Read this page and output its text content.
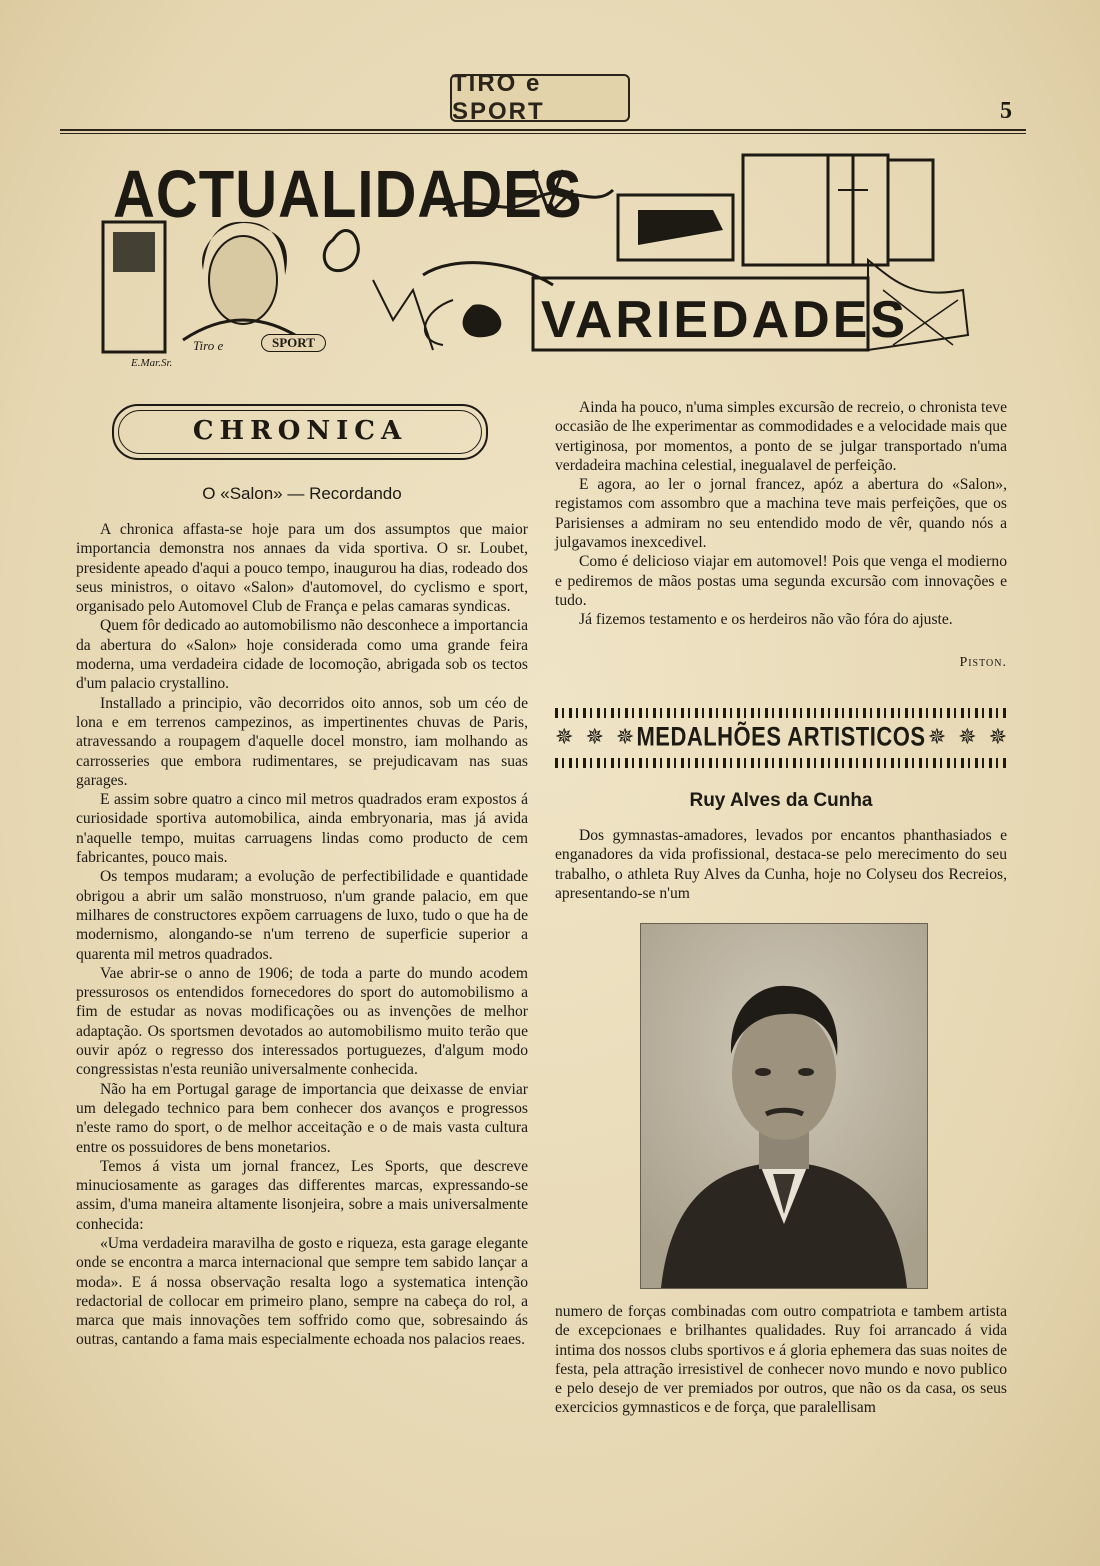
TIRO e SPORT	5
ACTUALIDADES
VARIEDADES
Tiro e	SPORT
E.Mar.Sr.
CHRONICA
O «Salon» — Recordando

A chronica affasta-se hoje para um dos assumptos que maior importancia demonstra nos annaes da vida sportiva. O sr. Loubet, presidente apeado d'aqui a pouco tempo, inaugurou ha dias, rodeado dos seus ministros, o oitavo «Salon» d'automovel, do cyclismo e sport, organisado pelo Automovel Club de França e pelas camaras syndicas.

Quem fôr dedicado ao automobilismo não desconhece a importancia da abertura do «Salon» hoje considerada como uma grande feira moderna, uma verdadeira cidade de locomoção, abrigada sob os tectos d'um palacio crystallino.

Installado a principio, vão decorridos oito annos, sob um céo de lona e em terrenos campezinos, as impertinentes chuvas de Paris, atravessando a roupagem d'aquelle docel monstro, iam molhando as carrosseries que embora rudimentares, se prejudicavam nas suas garages.

E assim sobre quatro a cinco mil metros quadrados eram expostos á curiosidade sportiva automobilica, ainda embryonaria, mas já avida n'aquelle tempo, muitas carruagens lindas como producto de cem fabricantes, pouco mais.

Os tempos mudaram; a evolução de perfectibilidade e quantidade obrigou a abrir um salão monstruoso, n'um grande palacio, em que milhares de constructores expõem carruagens de luxo, tudo o que ha de modernismo, alongando-se n'um terreno de superficie superior a quarenta mil metros quadrados.

Vae abrir-se o anno de 1906; de toda a parte do mundo acodem pressurosos os entendidos fornecedores do sport do automobilismo a fim de estudar as novas modificações ou as invenções de melhor adaptação. Os sportsmen devotados ao automobilismo muito terão que ouvir apóz o regresso dos interessados portuguezes, d'algum modo congressistas n'esta reunião universalmente conhecida.

Não ha em Portugal garage de importancia que deixasse de enviar um delegado technico para bem conhecer dos avanços e progressos n'este ramo do sport, o de melhor acceitação e o de mais vasta cultura entre os possuidores de bens monetarios.

Temos á vista um jornal francez, Les Sports, que descreve minuciosamente as garages das differentes marcas, expressando-se assim, d'uma maneira altamente lisonjeira, sobre a mais universalmente conhecida:

«Uma verdadeira maravilha de gosto e riqueza, esta garage elegante onde se encontra a marca internacional que sempre tem sabido lançar a moda». E á nossa observação resalta logo a systematica intenção redactorial de collocar em primeiro plano, sempre na cabeça do rol, a marca que mais innovações tem soffrido como que, sobresaindo ás outras, cantando a fama mais especialmente echoada nos palacios reaes.

Ainda ha pouco, n'uma simples excursão de recreio, o chronista teve occasião de lhe experimentar as commodidades e a velocidade mais que vertiginosa, por momentos, a ponto de se julgar transportado n'uma verdadeira machina celestial, inegualavel de perfeição.

E agora, ao ler o jornal francez, apóz a abertura do «Salon», registamos com assombro que a machina teve mais perfeições, que os Parisienses a admiram no seu entendido modo de vêr, quando nós a julgavamos inexcedivel.

Como é delicioso viajar em automovel! Pois que venga el modierno e pediremos de mãos postas uma segunda excursão com innovações e tudo.

Já fizemos testamento e os herdeiros não vão fóra do ajuste.

Piston.
✵ ✵ ✵ MEDALHÕES ARTISTICOS ✵ ✵ ✵
Ruy Alves da Cunha

Dos gymnastas-amadores, levados por encantos phanthasiados e enganadores da vida profissional, destaca-se pelo merecimento do seu trabalho, o athleta Ruy Alves da Cunha, hoje no Colyseu dos Recreios, apresentando-se n'um

numero de forças combinadas com outro compatriota e tambem artista de excepcionaes e brilhantes qualidades. Ruy foi arrancado á vida intima dos nossos clubs sportivos e á gloria ephemera das suas noites de festa, pela attração irresistivel de conhecer novo mundo e novo publico e pelo desejo de ver premiados por outros, que não os da casa, os seus exercicios gymnasticos e de força, que paralellisam
